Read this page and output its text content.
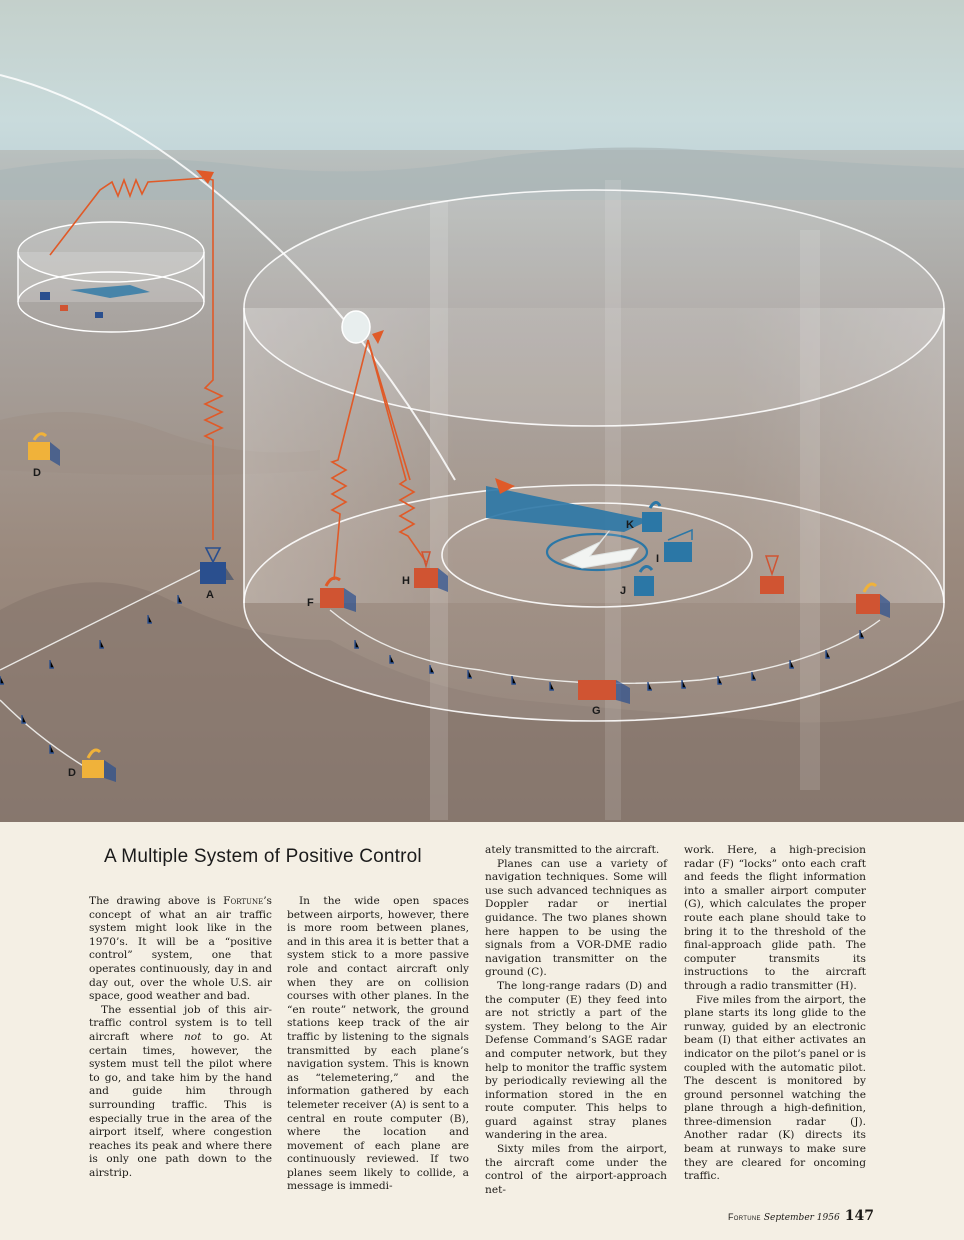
A
D
D
F
H
G
K
I
J
A Multiple System of Positive Control

The drawing above is Fortune’s concept of what an air traffic system might look like in the 1970’s. It will be a “positive control” system, one that operates continuously, day in and day out, over the whole U.S. air space, good weather and bad.

The essential job of this air-traffic control system is to tell aircraft where not to go. At certain times, however, the system must tell the pilot where to go, and take him by the hand and guide him through surrounding traffic. This is especially true in the area of the airport itself, where congestion reaches its peak and where there is only one path down to the airstrip.

In the wide open spaces between airports, however, there is more room between planes, and in this area it is better that a system stick to a more passive role and contact aircraft only when they are on collision courses with other planes. In the “en route” network, the ground stations keep track of the air traffic by listening to the signals transmitted by each plane’s navigation system. This is known as “telemetering,” and the information gathered by each telemeter receiver (A) is sent to a central en route computer (B), where the location and movement of each plane are continuously reviewed. If two planes seem likely to collide, a message is immedi-

ately transmitted to the aircraft.

Planes can use a variety of navigation techniques. Some will use such advanced techniques as Doppler radar or inertial guidance. The two planes shown here happen to be using the signals from a VOR-DME radio navigation transmitter on the ground (C).

The long-range radars (D) and the computer (E) they feed into are not strictly a part of the system. They belong to the Air Defense Command’s SAGE radar and computer network, but they help to monitor the traffic system by periodically reviewing all the information stored in the en route computer. This helps to guard against stray planes wandering in the area.

Sixty miles from the airport, the aircraft come under the control of the airport-approach net-

work. Here, a high-precision radar (F) “locks” onto each craft and feeds the flight information into a smaller airport computer (G), which calculates the proper route each plane should take to bring it to the threshold of the final-approach glide path. The computer transmits its instructions to the aircraft through a radio transmitter (H).

Five miles from the airport, the plane starts its long glide to the runway, guided by an electronic beam (I) that either activates an indicator on the pilot’s panel or is coupled with the automatic pilot. The descent is monitored by ground personnel watching the plane through a high-definition, three-dimension radar (J). Another radar (K) directs its beam at runways to make sure they are cleared for oncoming traffic.

Fortune September 1956 147
